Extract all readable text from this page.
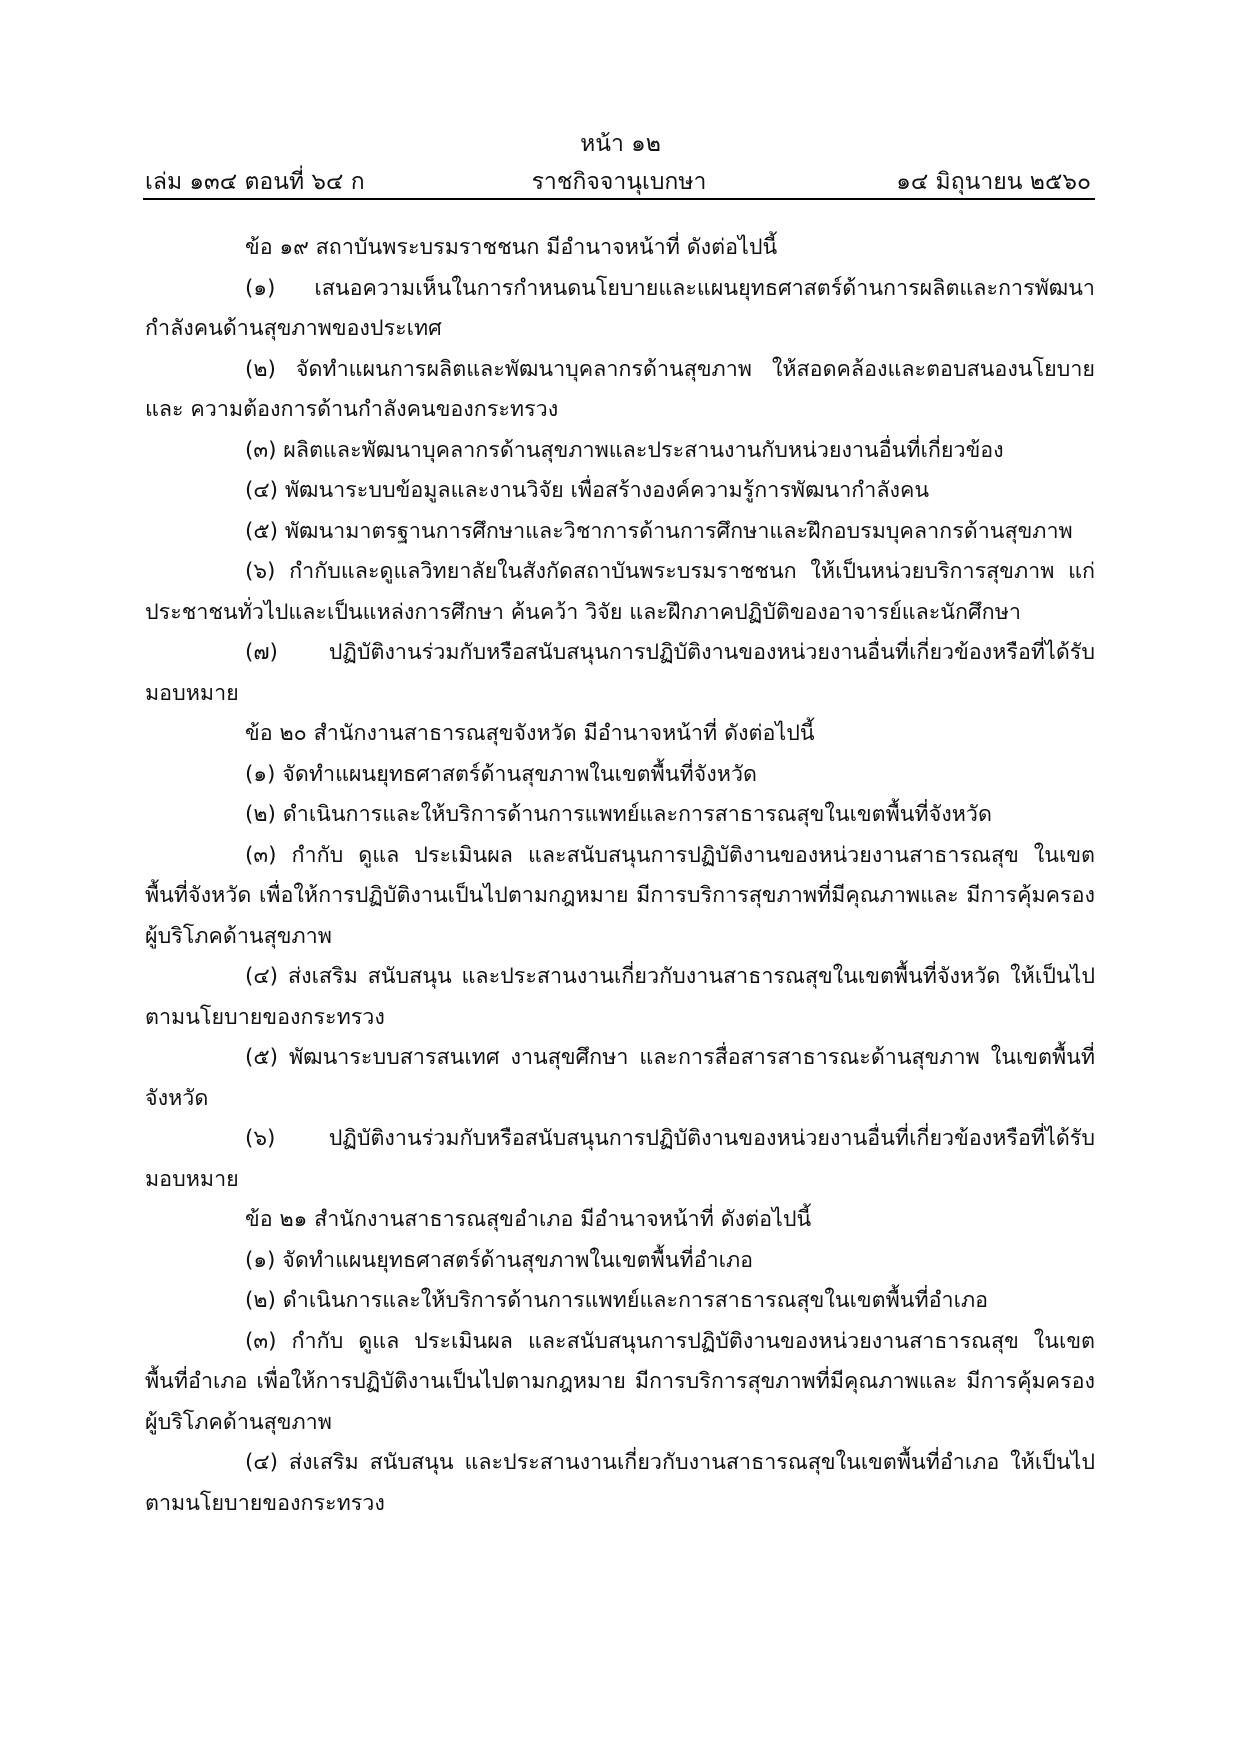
หน้า ๑๒
เล่ม ๑๓๔ ตอนที่ ๖๔ ก	ราชกิจจานุเบกษา	๑๔ มิถุนายน ๒๕๖๐

ข้อ ๑๙ สถาบันพระบรมราชชนก มีอำนาจหน้าที่ ดังต่อไปนี้

(๑) เสนอความเห็นในการกำหนดนโยบายและแผนยุทธศาสตร์ด้านการผลิตและการพัฒนา กำลังคนด้านสุขภาพของประเทศ

(๒) จัดทำแผนการผลิตและพัฒนาบุคลากรด้านสุขภาพ ให้สอดคล้องและตอบสนองนโยบายและ ความต้องการด้านกำลังคนของกระทรวง

(๓) ผลิตและพัฒนาบุคลากรด้านสุขภาพและประสานงานกับหน่วยงานอื่นที่เกี่ยวข้อง

(๔) พัฒนาระบบข้อมูลและงานวิจัย เพื่อสร้างองค์ความรู้การพัฒนากำลังคน

(๕) พัฒนามาตรฐานการศึกษาและวิชาการด้านการศึกษาและฝึกอบรมบุคลากรด้านสุขภาพ

(๖) กำกับและดูแลวิทยาลัยในสังกัดสถาบันพระบรมราชชนก ให้เป็นหน่วยบริการสุขภาพ แก่ประชาชนทั่วไปและเป็นแหล่งการศึกษา ค้นคว้า วิจัย และฝึกภาคปฏิบัติของอาจารย์และนักศึกษา

(๗) ปฏิบัติงานร่วมกับหรือสนับสนุนการปฏิบัติงานของหน่วยงานอื่นที่เกี่ยวข้องหรือที่ได้รับ มอบหมาย

ข้อ ๒๐ สำนักงานสาธารณสุขจังหวัด มีอำนาจหน้าที่ ดังต่อไปนี้

(๑) จัดทำแผนยุทธศาสตร์ด้านสุขภาพในเขตพื้นที่จังหวัด

(๒) ดำเนินการและให้บริการด้านการแพทย์และการสาธารณสุขในเขตพื้นที่จังหวัด

(๓) กำกับ ดูแล ประเมินผล และสนับสนุนการปฏิบัติงานของหน่วยงานสาธารณสุข ในเขตพื้นที่จังหวัด เพื่อให้การปฏิบัติงานเป็นไปตามกฎหมาย มีการบริการสุขภาพที่มีคุณภาพและ มีการคุ้มครองผู้บริโภคด้านสุขภาพ

(๔) ส่งเสริม สนับสนุน และประสานงานเกี่ยวกับงานสาธารณสุขในเขตพื้นที่จังหวัด ให้เป็นไปตามนโยบายของกระทรวง

(๕) พัฒนาระบบสารสนเทศ งานสุขศึกษา และการสื่อสารสาธารณะด้านสุขภาพ ในเขตพื้นที่จังหวัด

(๖) ปฏิบัติงานร่วมกับหรือสนับสนุนการปฏิบัติงานของหน่วยงานอื่นที่เกี่ยวข้องหรือที่ได้รับ มอบหมาย

ข้อ ๒๑ สำนักงานสาธารณสุขอำเภอ มีอำนาจหน้าที่ ดังต่อไปนี้

(๑) จัดทำแผนยุทธศาสตร์ด้านสุขภาพในเขตพื้นที่อำเภอ

(๒) ดำเนินการและให้บริการด้านการแพทย์และการสาธารณสุขในเขตพื้นที่อำเภอ

(๓) กำกับ ดูแล ประเมินผล และสนับสนุนการปฏิบัติงานของหน่วยงานสาธารณสุข ในเขตพื้นที่อำเภอ เพื่อให้การปฏิบัติงานเป็นไปตามกฎหมาย มีการบริการสุขภาพที่มีคุณภาพและ มีการคุ้มครองผู้บริโภคด้านสุขภาพ

(๔) ส่งเสริม สนับสนุน และประสานงานเกี่ยวกับงานสาธารณสุขในเขตพื้นที่อำเภอ ให้เป็นไปตามนโยบายของกระทรวง
